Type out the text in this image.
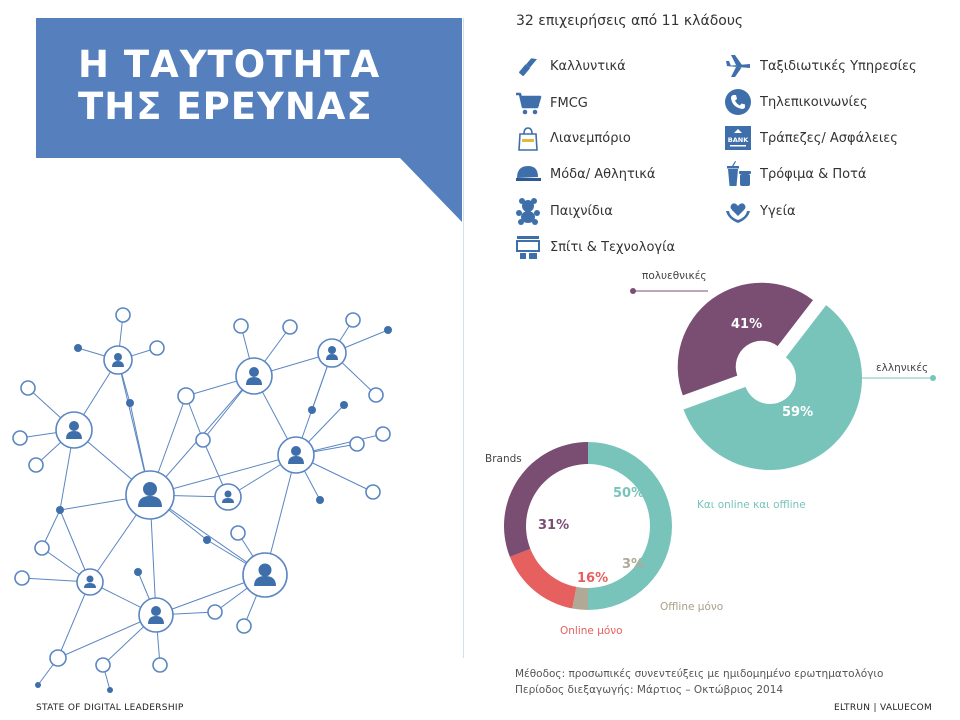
Η ΤΑΥΤΟΤΗΤΑ
ΤΗΣ ΕΡΕΥΝΑΣ
32 επιχειρήσεις από 11 κλάδους
Καλλυντικά
FMCG
Λιανεμπόριο
Μόδα/ Αθλητικά
Παιχνίδια
Σπίτι & Τεχνολογία
Ταξιδιωτικές Υπηρεσίες
Τηλεπικοινωνίες
BANK Τράπεζες/ Ασφάλειες
Τρόφιμα & Ποτά
Υγεία
πολυεθνικές
ελληνικές
41%
59%
Brands
Και online και offline
Offline μόνο
Online μόνο
50%
31%
16%
3%
Μέθοδος: προσωπικές συνεντεύξεις με ημιδομημένο ερωτηματολόγιο
Περίοδος διεξαγωγής: Μάρτιος – Οκτώβριος 2014
STATE OF DIGITAL LEADERSHIP	ELTRUN | VALUECOM
